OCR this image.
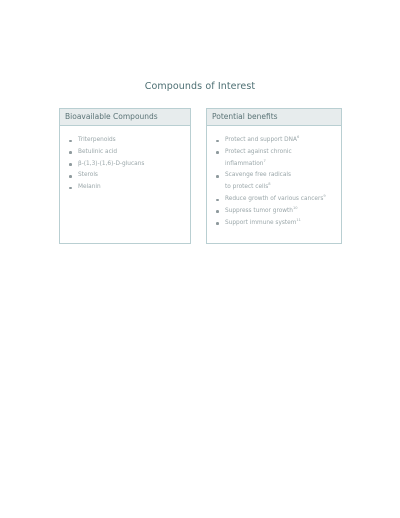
Compounds of Interest
Bioavailable Compounds
Triterpenoids
Betulinic acid
β-(1,3)-(1,6)-D-glucans
Sterols
Melanin
Potential benefits
Protect and support DNA$^6$
Protect against chronic
inflammation$^7$
Scavenge free radicals
to protect cells$^8$
Reduce growth of various cancers$^9$
Suppress tumor growth$^{10}$
Support immune system$^{11}$
